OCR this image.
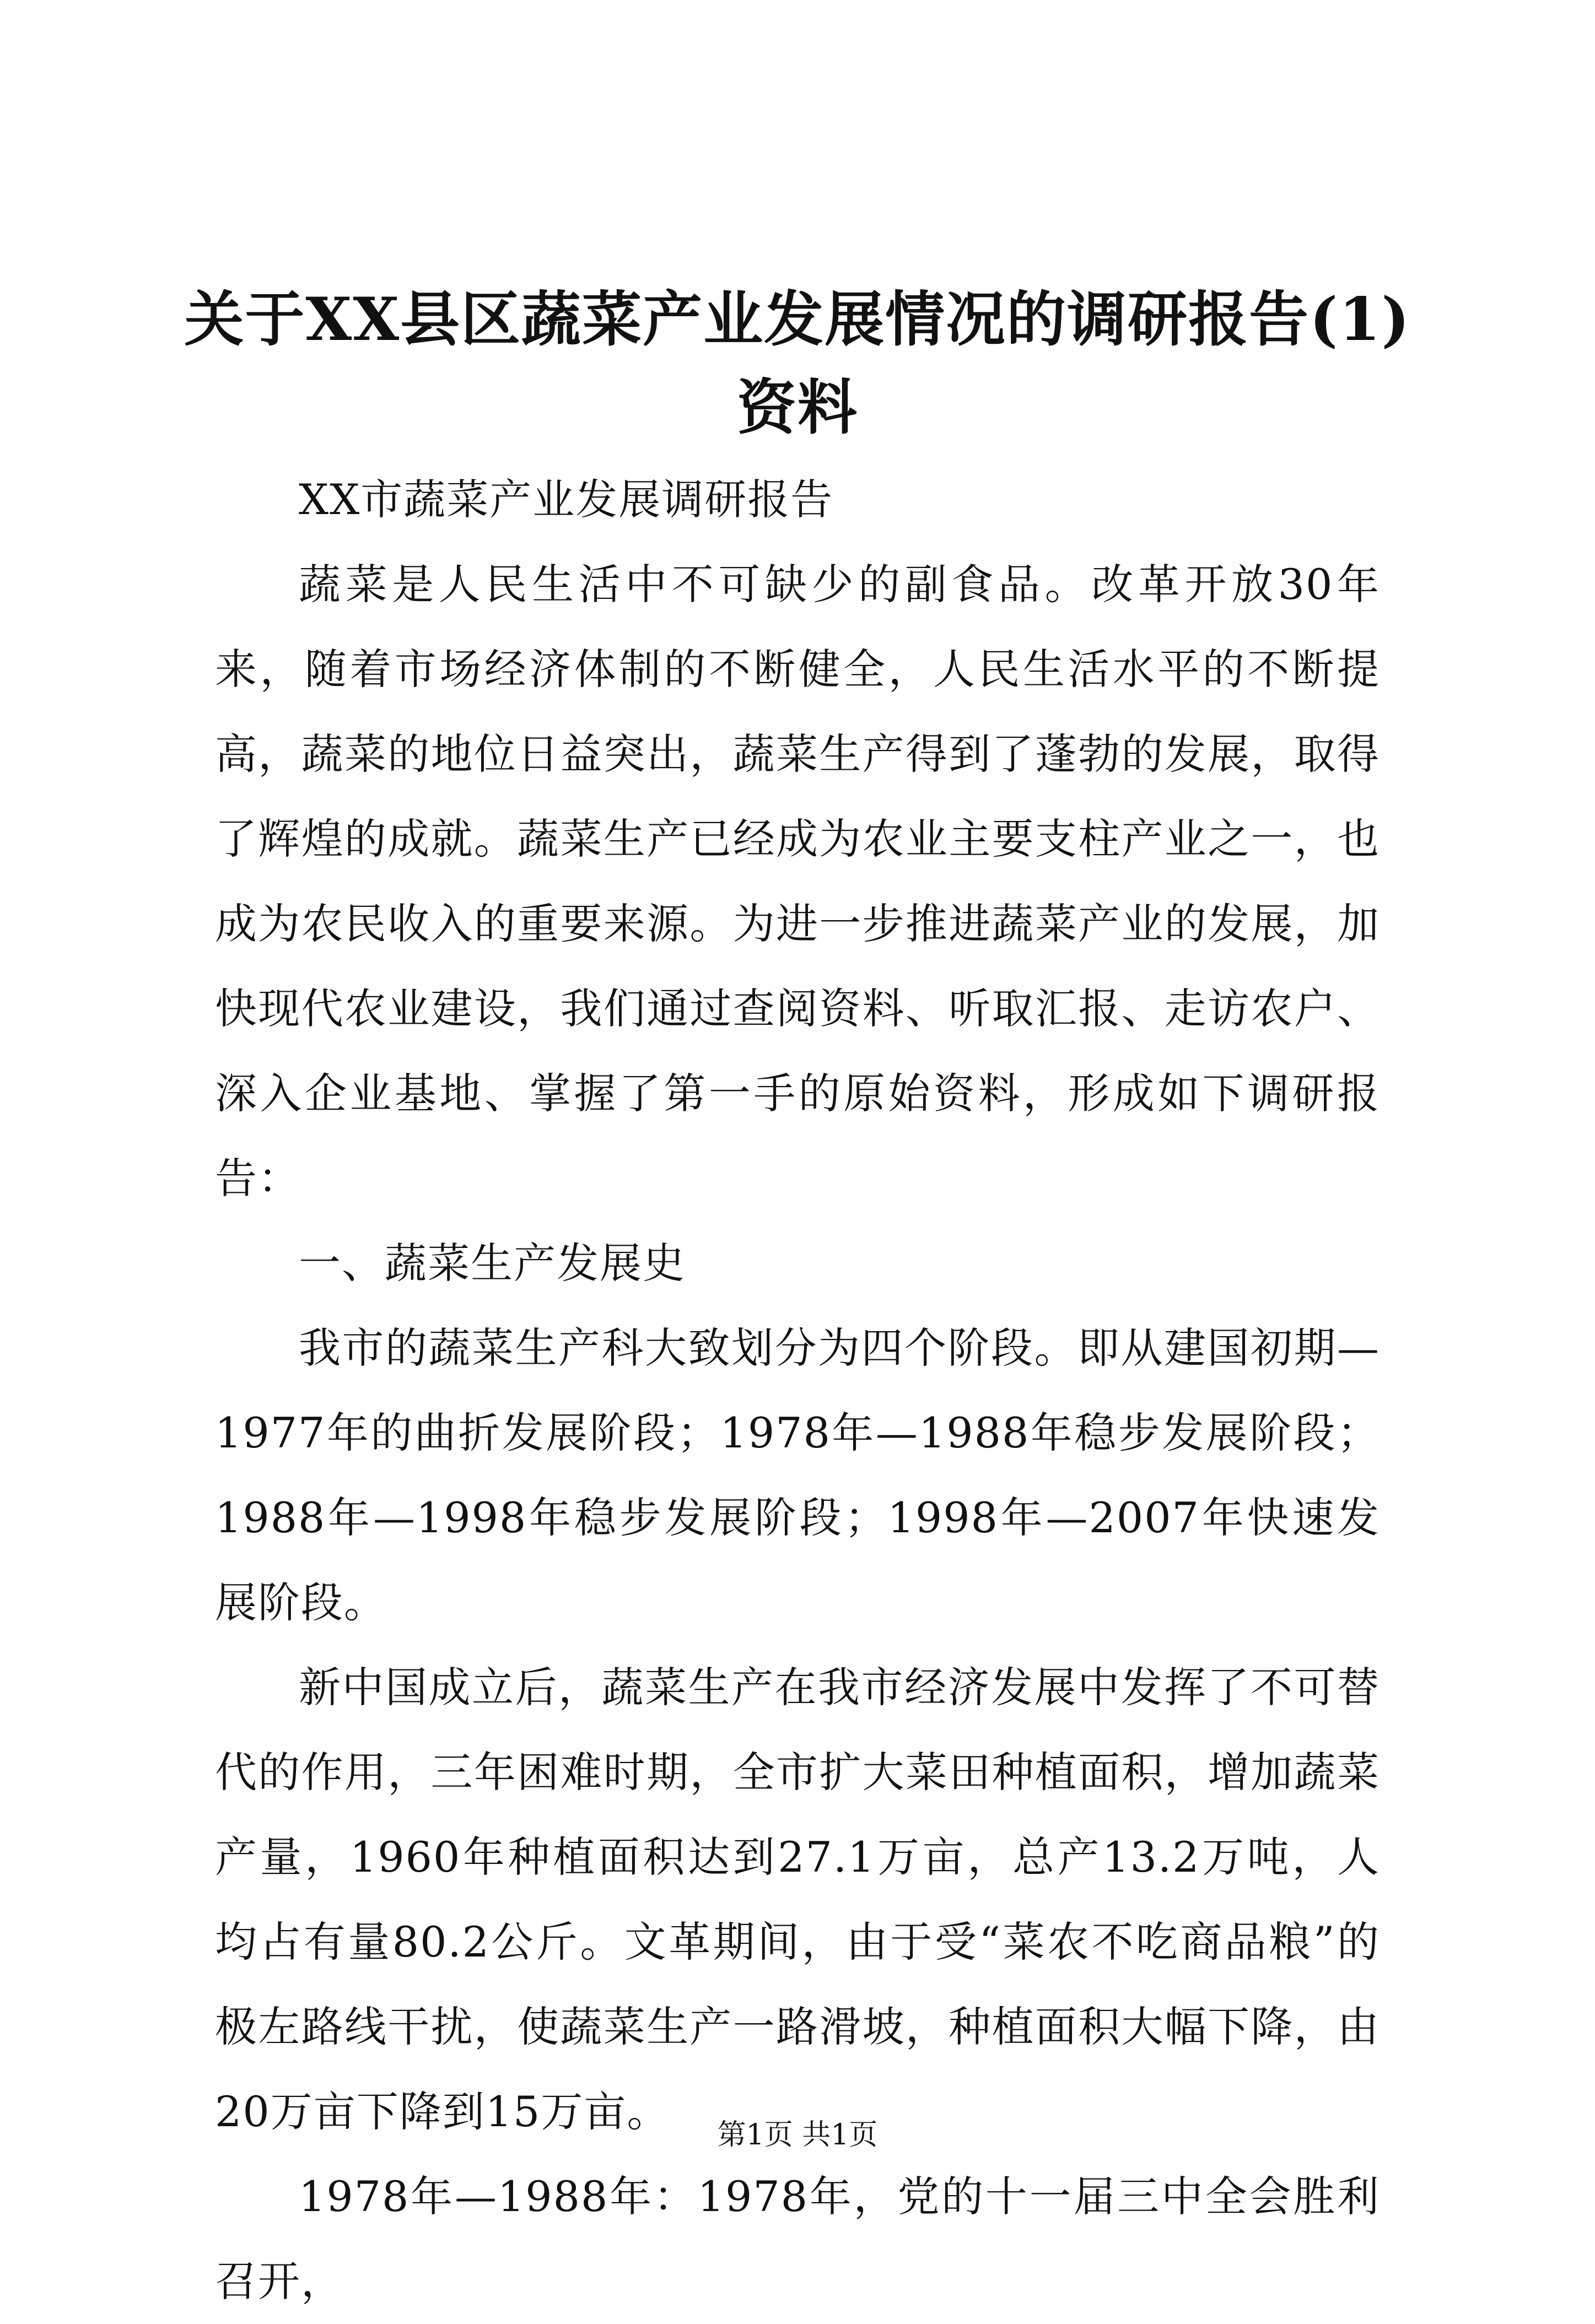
关于XX县区蔬菜产业发展情况的调研报告(1)资料

XX市蔬菜产业发展调研报告

蔬菜是人民生活中不可缺少的副食品。改革开放30年来，随着市场经济体制的不断健全，人民生活水平的不断提高，蔬菜的地位日益突出，蔬菜生产得到了蓬勃的发展，取得了辉煌的成就。蔬菜生产已经成为农业主要支柱产业之一，也成为农民收入的重要来源。为进一步推进蔬菜产业的发展，加快现代农业建设，我们通过查阅资料、听取汇报、走访农户、深入企业基地、掌握了第一手的原始资料，形成如下调研报告：

一、蔬菜生产发展史

我市的蔬菜生产科大致划分为四个阶段。即从建国初期—1977年的曲折发展阶段；1978年—1988年稳步发展阶段；1988年—1998年稳步发展阶段；1998年—2007年快速发展阶段。

新中国成立后，蔬菜生产在我市经济发展中发挥了不可替代的作用，三年困难时期，全市扩大菜田种植面积，增加蔬菜产量，1960年种植面积达到27.1万亩，总产13.2万吨，人均占有量80.2公斤。文革期间，由于受“菜农不吃商品粮”的极左路线干扰，使蔬菜生产一路滑坡，种植面积大幅下降，由20万亩下降到15万亩。

1978年—1988年：1978年，党的十一届三中全会胜利召开，

第1页 共1页
